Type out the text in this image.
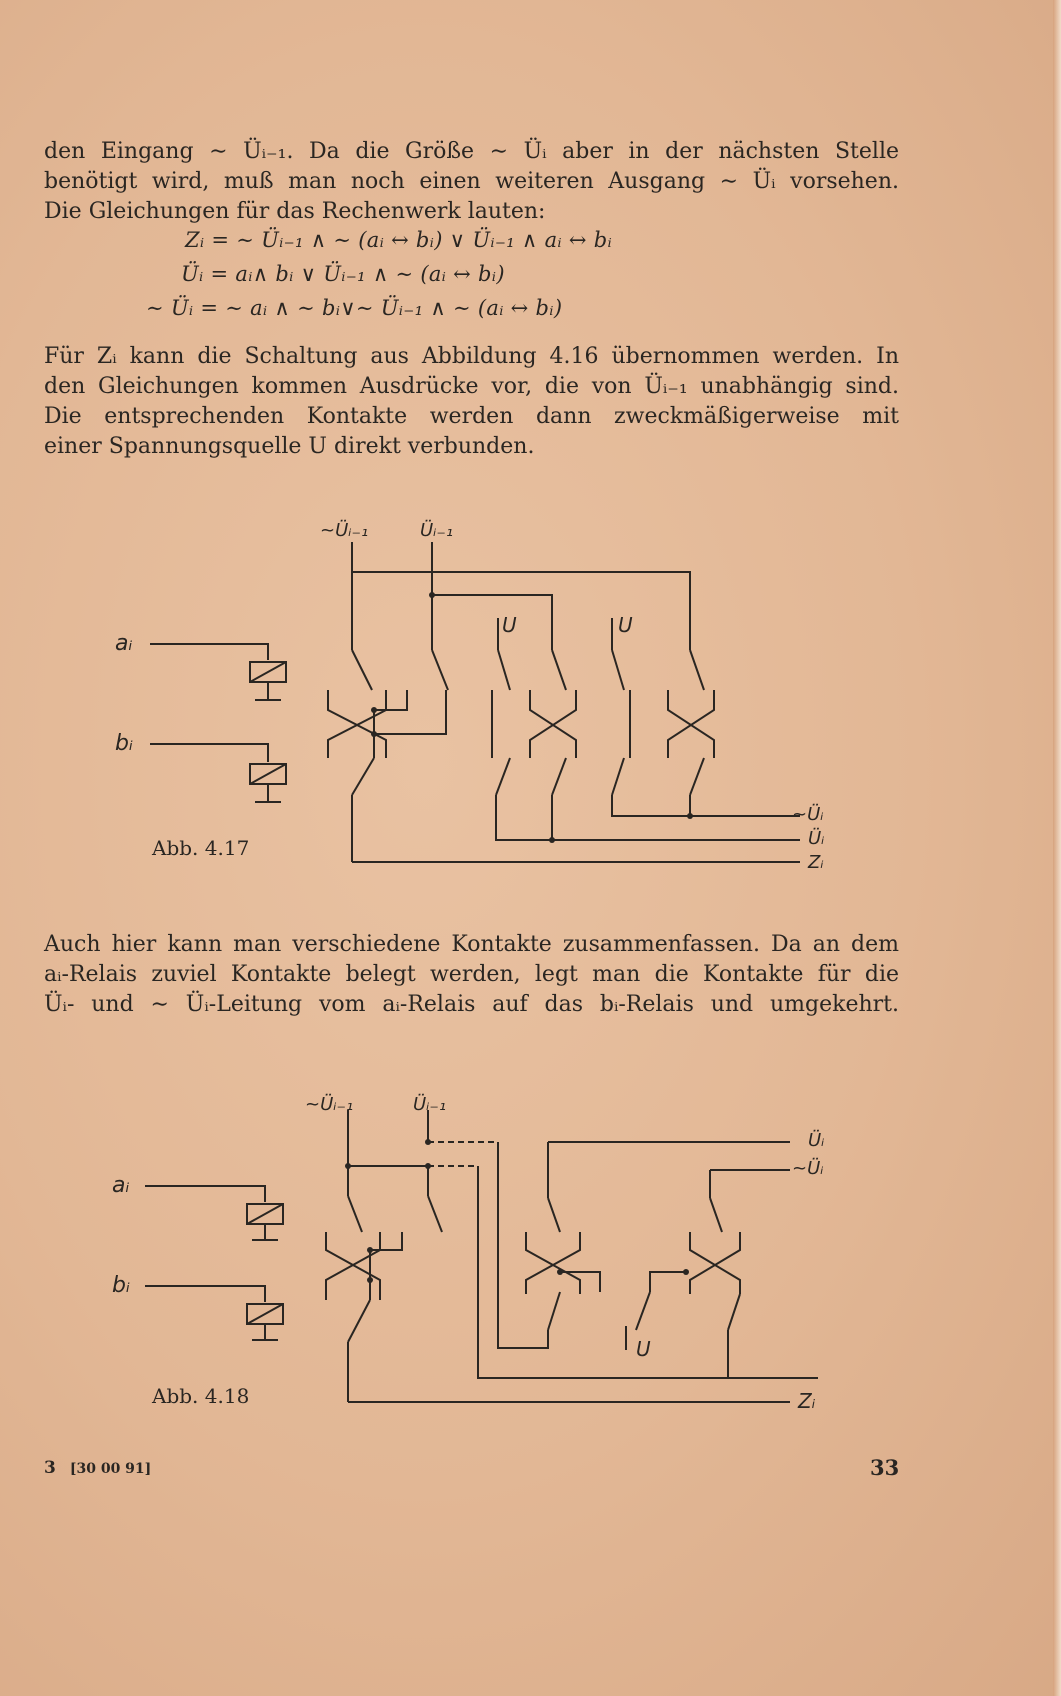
den Eingang ∼ Üᵢ₋₁. Da die Größe ∼ Üᵢ aber in der nächsten Stelle
benötigt wird, muß man noch einen weiteren Ausgang ∼ Üᵢ vorsehen.
Die Gleichungen für das Rechenwerk lauten:
Zᵢ = ∼ Üᵢ₋₁ ∧ ∼ (aᵢ ↔ bᵢ) ∨ Üᵢ₋₁ ∧ aᵢ ↔ bᵢ
Üᵢ = aᵢ∧ bᵢ ∨ Üᵢ₋₁ ∧ ∼ (aᵢ ↔ bᵢ)
∼ Üᵢ = ∼ aᵢ ∧ ∼ bᵢ∨∼ Üᵢ₋₁ ∧ ∼ (aᵢ ↔ bᵢ)
Für Zᵢ kann die Schaltung aus Abbildung 4.16 übernommen werden. In
den Gleichungen kommen Ausdrücke vor, die von Üᵢ₋₁ unabhängig sind.
Die entsprechenden Kontakte werden dann zweckmäßigerweise mit
einer Spannungsquelle U direkt verbunden.
~Üᵢ₋₁	Üᵢ₋₁
aᵢ
bᵢ
U	U
~Üᵢ
Üᵢ
Zᵢ
Abb. 4.17
Auch hier kann man verschiedene Kontakte zusammenfassen. Da an dem
aᵢ-Relais zuviel Kontakte belegt werden, legt man die Kontakte für die
Üᵢ- und ∼ Üᵢ-Leitung vom aᵢ-Relais auf das bᵢ-Relais und umgekehrt.
~Üᵢ₋₁	Üᵢ₋₁
aᵢ
bᵢ
U
Üᵢ
~Üᵢ
Zᵢ
Abb. 4.18
3 [30 00 91]	33
